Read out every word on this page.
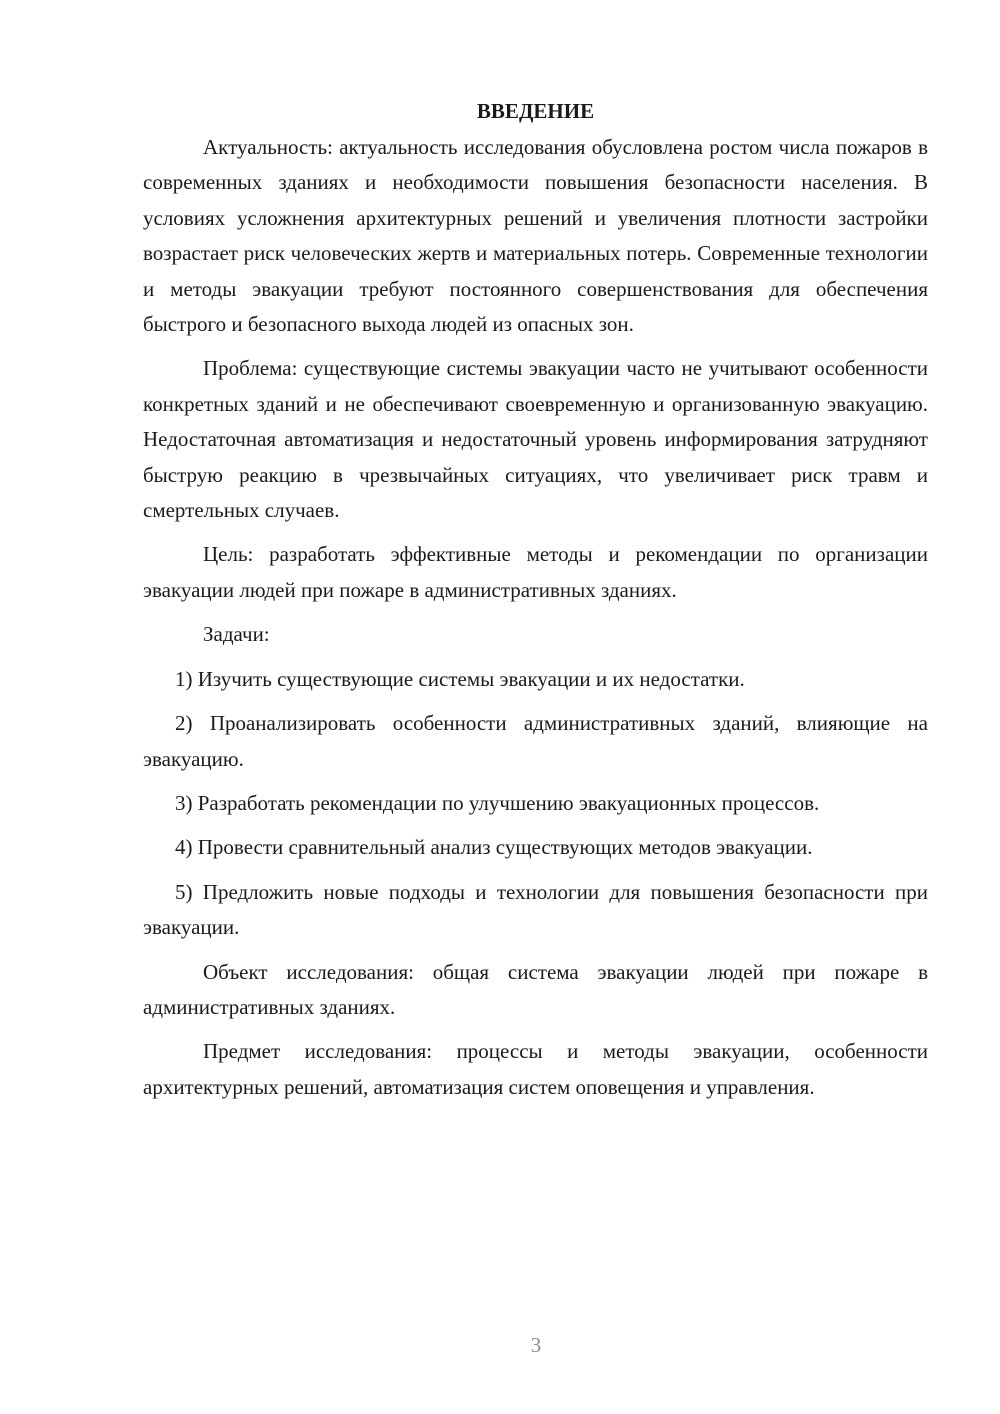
ВВЕДЕНИЕ

Актуальность: актуальность исследования обусловлена ростом числа пожаров в современных зданиях и необходимости повышения безопасности населения. В условиях усложнения архитектурных решений и увеличения плотности застройки возрастает риск человеческих жертв и материальных потерь. Современные технологии и методы эвакуации требуют постоянного совершенствования для обеспечения быстрого и безопасного выхода людей из опасных зон.

Проблема: существующие системы эвакуации часто не учитывают особенности конкретных зданий и не обеспечивают своевременную и организованную эвакуацию. Недостаточная автоматизация и недостаточный уровень информирования затрудняют быструю реакцию в чрезвычайных ситуациях, что увеличивает риск травм и смертельных случаев.

Цель: разработать эффективные методы и рекомендации по организации эвакуации людей при пожаре в административных зданиях.

Задачи:

1) Изучить существующие системы эвакуации и их недостатки.

2) Проанализировать особенности административных зданий, влияющие на эвакуацию.

3) Разработать рекомендации по улучшению эвакуационных процессов.

4) Провести сравнительный анализ существующих методов эвакуации.

5) Предложить новые подходы и технологии для повышения безопасности при эвакуации.

Объект исследования: общая система эвакуации людей при пожаре в административных зданиях.

Предмет исследования: процессы и методы эвакуации, особенности архитектурных решений, автоматизация систем оповещения и управления.

3
